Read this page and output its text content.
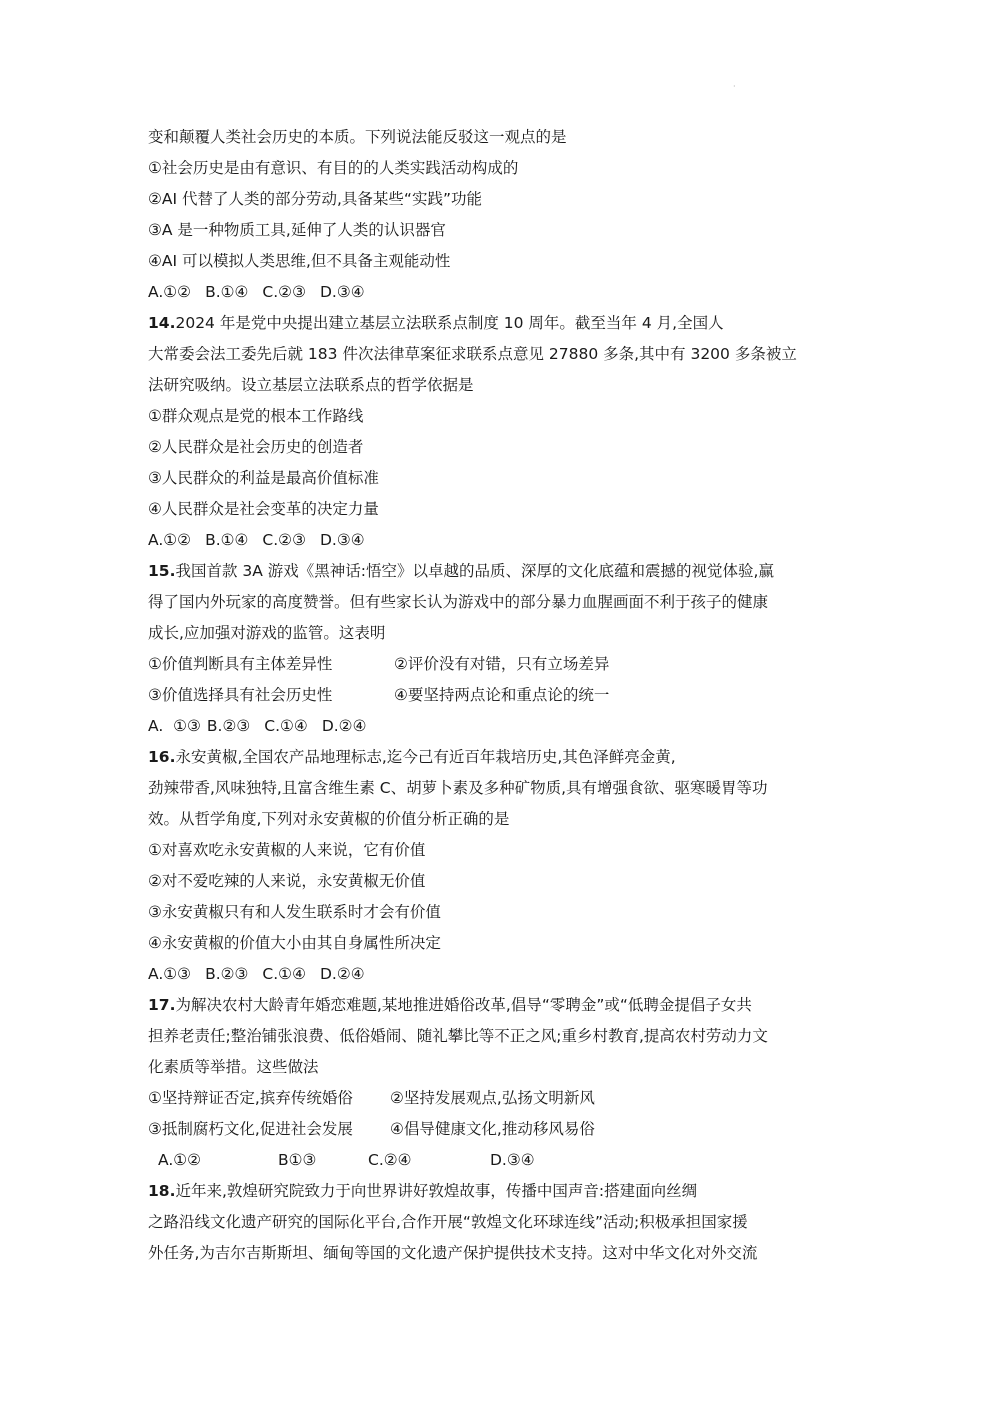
·
变和颠覆人类社会历史的本质。下列说法能反驳这一观点的是
①社会历史是由有意识、有目的的人类实践活动构成的
②AI 代替了人类的部分劳动,具备某些“实践”功能
③A 是一种物质工具,延伸了人类的认识器官
④AI 可以模拟人类思维,但不具备主观能动性
A.①② B.①④ C.②③ D.③④
14.2024 年是党中央提出建立基层立法联系点制度 10 周年。截至当年 4 月,全国人
大常委会法工委先后就 183 件次法律草案征求联系点意见 27880 多条,其中有 3200 多条被立
法研究吸纳。设立基层立法联系点的哲学依据是
①群众观点是党的根本工作路线
②人民群众是社会历史的创造者
③人民群众的利益是最高价值标准
④人民群众是社会变革的决定力量
A.①② B.①④ C.②③ D.③④
15.我国首款 3A 游戏《黑神话:悟空》以卓越的品质、深厚的文化底蕴和震撼的视觉体验,赢
得了国内外玩家的高度赞誉。但有些家长认为游戏中的部分暴力血腥画面不利于孩子的健康
成长,应加强对游戏的监管。这表明
①价值判断具有主体差异性	②评价没有对错，只有立场差异
③价值选择具有社会历史性	④要坚持两点论和重点论的统一
A.  ①③ B.②③ C.①④ D.②④
16.永安黄椒,全国农产品地理标志,迄今己有近百年栽培历史,其色泽鲜亮金黄,
劲辣带香,风味独特,且富含维生素 C、胡萝卜素及多种矿物质,具有增强食欲、驱寒暖胃等功
效。从哲学角度,下列对永安黄椒的价值分析正确的是
①对喜欢吃永安黄椒的人来说，它有价值
②对不爱吃辣的人来说，永安黄椒无价值
③永安黄椒只有和人发生联系时才会有价值
④永安黄椒的价值大小由其自身属性所决定
A.①③ B.②③ C.①④ D.②④
17.为解决农村大龄青年婚恋难题,某地推进婚俗改革,倡导“零聘金”或“低聘金提倡子女共
担养老责任;整治铺张浪费、低俗婚闹、随礼攀比等不正之风;重乡村教育,提高农村劳动力文
化素质等举措。这些做法
①坚持辩证否定,摈弃传统婚俗	②坚持发展观点,弘扬文明新风
③抵制腐朽文化,促进社会发展	④倡导健康文化,推动移风易俗
A.①②	B①③	C.②④	D.③④
18.近年来,敦煌研究院致力于向世界讲好敦煌故事，传播中国声音:搭建面向丝绸
之路沿线文化遗产研究的国际化平台,合作开展“敦煌文化环球连线”活动;积极承担国家援
外任务,为吉尔吉斯斯坦、缅甸等国的文化遗产保护提供技术支持。这对中华文化对外交流
